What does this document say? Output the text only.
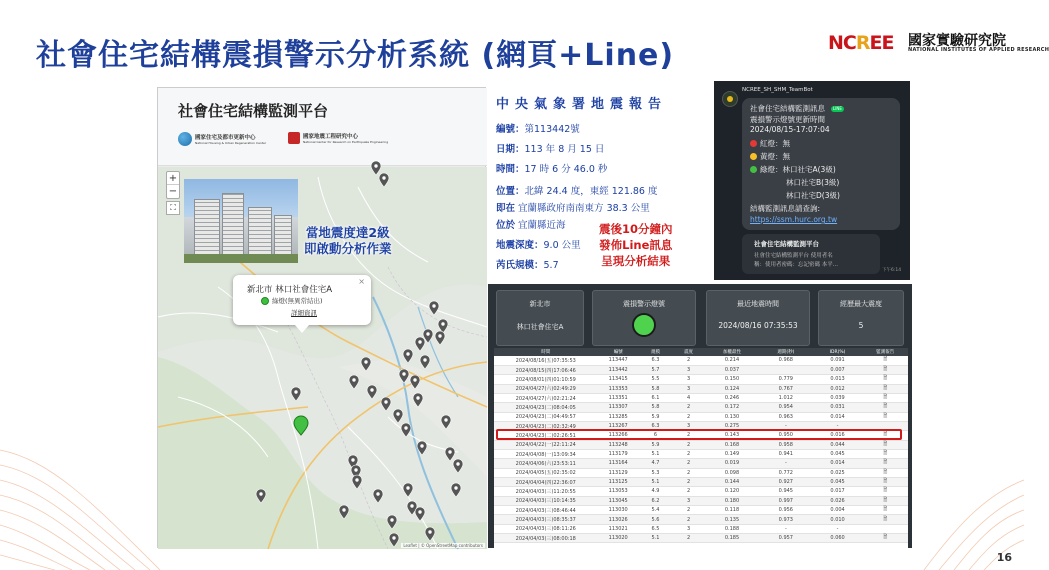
社會住宅結構震損警示分析系統 (網頁+Line)	NCREE 國家實驗研究院
NATIONAL INSTITUTES OF APPLIED RESEARCH
16
社會住宅結構監測平台
國家住宅及都市更新中心
National Housing & Urban Regeneration Center
國家地震工程研究中心
National Center for Research on Earthquake Engineering
+
−
⛶
當地震度達2級
即啟動分析作業
×
新北市 林口社會住宅A
綠燈(無異常結出)
詳細資訊
Leaflet | © OpenStreetMap contributors
中央氣象署地震報告
編號：第113442號
日期：113 年 8 月 15 日
時間：17 時 6 分 46.0 秒
位置：北緯 24.4 度，東經 121.86 度
即在 宜蘭縣政府南南東方 38.3 公里
位於 宜蘭縣近海
地震深度：9.0 公里
芮氏規模：5.7
震後10分鐘內
發佈Line訊息
呈現分析結果
NCREE_SH_SHM_TeamBot
社會住宅結構監測訊息	LINE
震損警示燈號更新時間
2024/08/15-17:07:04
紅燈：無
黃燈：無
綠燈：林口社宅A(3級)
林口社宅B(3級)
林口社宅D(3級)
結構監測訊息請查詢:
https://ssm.hurc.org.tw
社會住宅結構監測平台
社會住宅結構監測平台 使用者名
稱：使用者密碼：忘記密碼 本平...
下午6:14
新北市
林口社會住宅A
震損警示燈號	最近地震時間
2024/08/16 07:35:53
經歷最大震度
5
時間	編號	規模	震度	加權最性	週期(秒)	IDR(%)	監測報告
2024/08/16(五)07:35:53	113447	6.3	2	0.214	0.968	0.091	🗎
2024/08/15(四)17:06:46	113442	5.7	3	0.037		0.007	🗎
2024/08/01(四)01:10:59	113415	5.5	3	0.150	0.779	0.013	🗎
2024/04/27(六)02:49:29	113353	5.8	3	0.124	0.767	0.012	🗎
2024/04/27(六)02:21:24	113351	6.1	4	0.246	1.012	0.039	🗎
2024/04/23(二)08:04:05	113307	5.8	2	0.172	0.954	0.031	🗎
2024/04/23(二)04:49:57	113285	5.9	2	0.130	0.963	0.014	🗎
2024/04/23(二)02:32:49	113267	6.3	3	0.275	-	-	
2024/04/23(二)02:26:51	113266	6	2	0.143	0.950	0.016	🗎
2024/04/22(一)22:11:24	113248	5.9	2	0.168	0.958	0.044	🗎
2024/04/08(一)13:09:34	113179	5.1	2	0.149	0.941	0.045	🗎
2024/04/06(六)23:53:11	113164	4.7	2	0.019	-	0.014	🗎
2024/04/05(五)02:35:02	113129	5.3	2	0.098	0.772	0.025	🗎
2024/04/04(四)22:36:07	113125	5.1	2	0.144	0.927	0.045	🗎
2024/04/03(三)11:20:55	113053	4.9	2	0.120	0.945	0.017	🗎
2024/04/03(三)10:14:35	113045	6.2	3	0.180	0.997	0.026	🗎
2024/04/03(三)08:46:44	113030	5.4	2	0.118	0.956	0.004	🗎
2024/04/03(三)08:35:37	113026	5.6	2	0.135	0.973	0.010	🗎
2024/04/03(三)08:11:26	113021	6.5	3	0.188	-	-	
2024/04/03(三)08:00:18	113020	5.1	2	0.185	0.957	0.060	🗎
